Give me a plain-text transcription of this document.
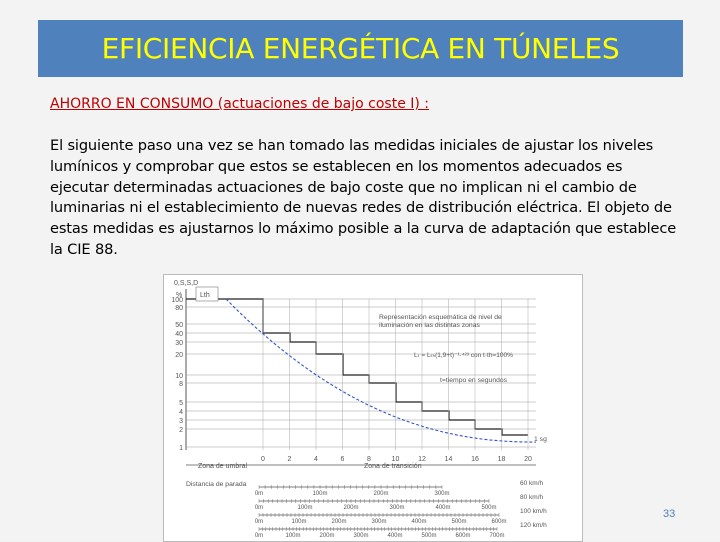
EFICIENCIA ENERGÉTICA EN TÚNELES
AHORRO EN CONSUMO (actuaciones de bajo coste I) :
El siguiente paso una vez se han tomado las medidas iniciales de ajustar los niveles lumínicos y comprobar que estos se establecen en los momentos adecuados es ejecutar determinadas actuaciones de bajo coste que no implican ni el cambio de luminarias ni el establecimiento de nuevas redes de distribución eléctrica. El objeto de estas medidas es ajustarnos lo máximo posible a la curva de adaptación que establece la CIE 88.
0,S,S,D
%
100
80
50
40
30
20
10
8
5
4
3
2
1
0	2	4	6	8	10	12	14	16	18	20
Lth
Representación esquemática de nivel de
iluminación en las distintas zonas
Lₜ = Lₜₕ(1,9+t)⁻¹·⁴²³ con t·th=100%
t=tiempo en segundos
1 sg
Zona de umbral	Zona de transición
Distancia de parada
0m	100m	200m	300m
60 km/h
0m	100m	200m	300m	400m	500m
80 km/h
0m	100m	200m	300m	400m	500m	600m
100 km/h
0m	100m	200m	300m	400m	500m	600m	700m
120 km/h
33
